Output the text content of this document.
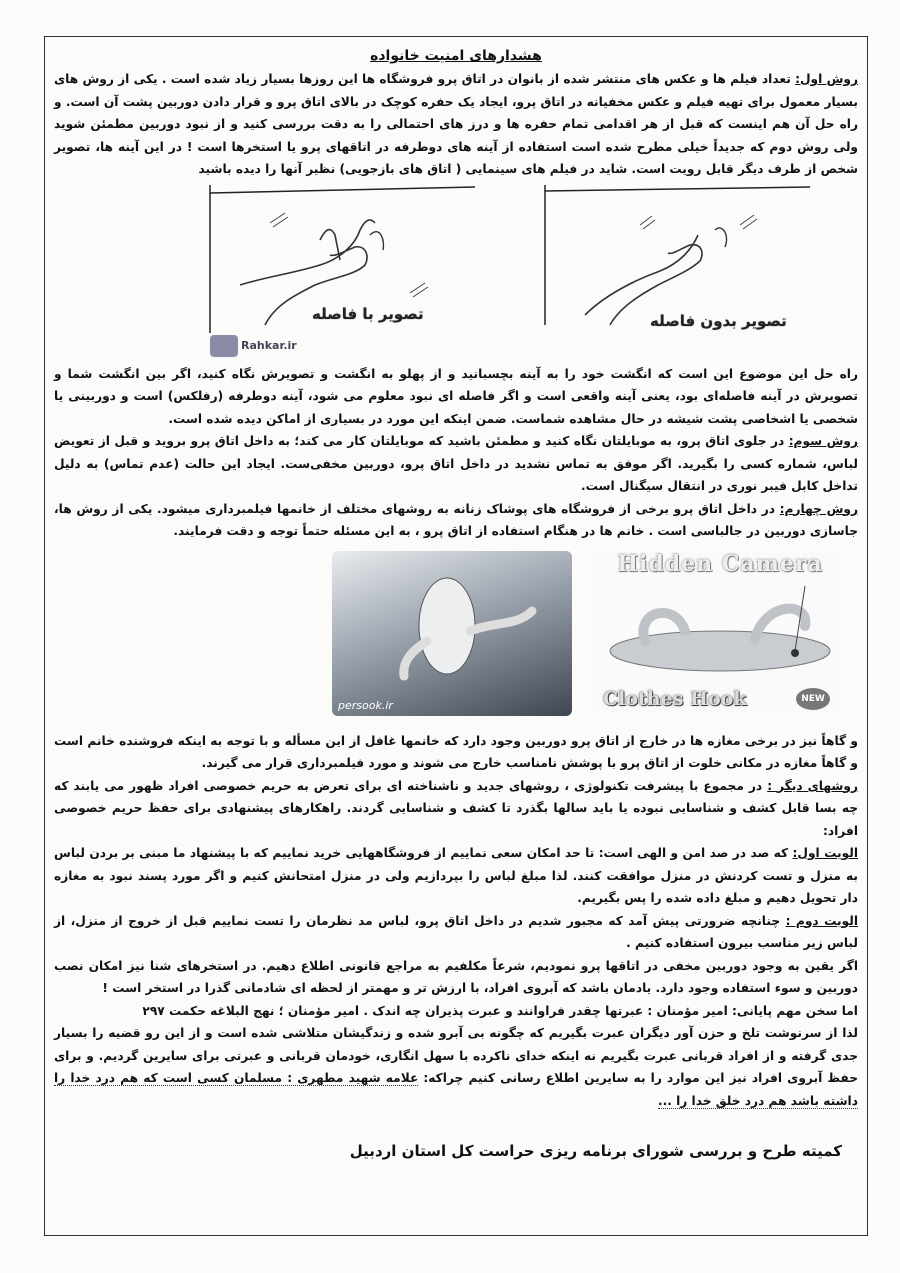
هشدارهای امنیت خانواده

روش اول: تعداد فیلم ها و عکس های منتشر شده از بانوان در اتاق پرو فروشگاه ها این روزها بسیار زیاد شده است . یکی از روش های بسیار معمول برای تهیه فیلم و عکس مخفیانه در اتاق پرو، ایجاد یک حفره کوچک در بالای اتاق پرو و قرار دادن دوربین پشت آن است. و راه حل آن هم اینست که قبل از هر اقدامی تمام حفره ها و درز های احتمالی را به دقت بررسی کنید و از نبود دوربین مطمئن شوید ولی روش دوم که جدیداً خیلی مطرح شده است استفاده از آینه های دوطرفه در اتاقهای پرو یا استخرها است ! در این آینه ها، تصویر شخص از طرف دیگر قابل رویت است. شاید در فیلم های سینمایی ( اتاق های بازجویی) نظیر آنها را دیده باشید

تصویر با فاصله	تصویر بدون فاصله
Rahkar.ir

راه حل این موضوع این است که انگشت خود را به آینه بچسبانید و از پهلو به انگشت و تصویرش نگاه کنید، اگر بین انگشت شما و تصویرش در آینه فاصله‌ای بود، یعنی آینه واقعی است و اگر فاصله ای نبود معلوم می شود، آینه دوطرفه (رفلکس) است و دوربینی یا شخصی یا اشخاصی پشت شیشه در حال مشاهده شماست. ضمن اینکه این مورد در بسیاری از اماکن دیده شده است.

روش سوم: در جلوی اتاق پرو، به موبایلتان نگاه کنید و مطمئن باشید که موبایلتان کار می کند؛ به داخل اتاق پرو بروید و قبل از تعویض لباس، شماره کسی را بگیرید. اگر موفق به تماس نشدید در داخل اتاق پرو، دوربین مخفی‌ست. ایجاد این حالت (عدم تماس) به دلیل تداخل کابل فیبر نوری در انتقال سیگنال است.

روش چهارم: در داخل اتاق پرو برخی از فروشگاه های پوشاک زنانه به روشهای مختلف از خانمها فیلمبرداری میشود. یکی از روش ها، جاسازی دوربین در جالباسی است . خانم ها در هنگام استفاده از اتاق پرو ، به این مسئله حتماً توجه و دقت فرمایند.

persook.ir
Hidden Camera
Clothes Hook	NEW

و گاهاً نیز در برخی مغازه ها در خارج از اتاق پرو دوربین وجود دارد که خانمها غافل از این مسأله و با توجه به اینکه فروشنده خانم است و گاهاً مغازه در مکانی خلوت از اتاق پرو با پوشش نامناسب خارج می شوند و مورد فیلمبرداری قرار می گیرند.

روشهای دیگر : در مجموع با پیشرفت تکنولوژی ، روشهای جدید و ناشناخته ای برای تعرض به حریم خصوصی افراد ظهور می یابند که چه بسا قابل کشف و شناسایی نبوده یا باید سالها بگذرد تا کشف و شناسایی گردند. راهکارهای پیشنهادی برای حفظ حریم خصوصی افراد:

الویت اول: که صد در صد امن و الهی است: تا حد امکان سعی نماییم از فروشگاههایی خرید نماییم که با پیشنهاد ما مبنی بر بردن لباس به منزل و تست کردنش در منزل موافقت کنند. لذا مبلغ لباس را بپردازیم ولی در منزل امتحانش کنیم و اگر مورد پسند نبود به مغازه دار تحویل دهیم و مبلغ داده شده را پس بگیریم.

الویت دوم : چنانچه ضرورتی پیش آمد که مجبور شدیم در داخل اتاق پرو، لباس مد نظرمان را تست نماییم قبل از خروج از منزل، از لباس زیر مناسب بیرون استفاده کنیم .

اگر یقین به وجود دوربین مخفی در اتاقها پرو نمودیم، شرعاً مکلفیم به مراجع قانونی اطلاع دهیم. در استخرهای شنا نیز امکان نصب دوربین و سوء استفاده وجود دارد. یادمان باشد که آبروی افراد، با ارزش تر و مهمتر از لحظه ای شادمانی گذرا در استخر است !

اما سخن مهم پایانی: امیر مؤمنان : عبرتها چقدر فراوانند و عبرت پذیران چه اندک . امیر مؤمنان ؛ نهج البلاغه حکمت ۲۹۷

لذا از سرنوشت تلخ و حزن آور دیگران عبرت بگیریم که چگونه بی آبرو شده و زندگیشان متلاشی شده است و از این رو قضیه را بسیار جدی گرفته و از افراد قربانی عبرت بگیریم نه اینکه خدای ناکرده با سهل انگاری، خودمان قربانی و عبرتی برای سایرین گردیم. و برای حفظ آبروی افراد نیز این موارد را به سایرین اطلاع رسانی کنیم چراکه: علامه شهید مطهری : مسلمان کسی است که هم درد خدا را داشته باشد هم درد خلق خدا را ...

کمیته طرح و بررسی شورای برنامه ریزی حراست کل استان اردبیل
